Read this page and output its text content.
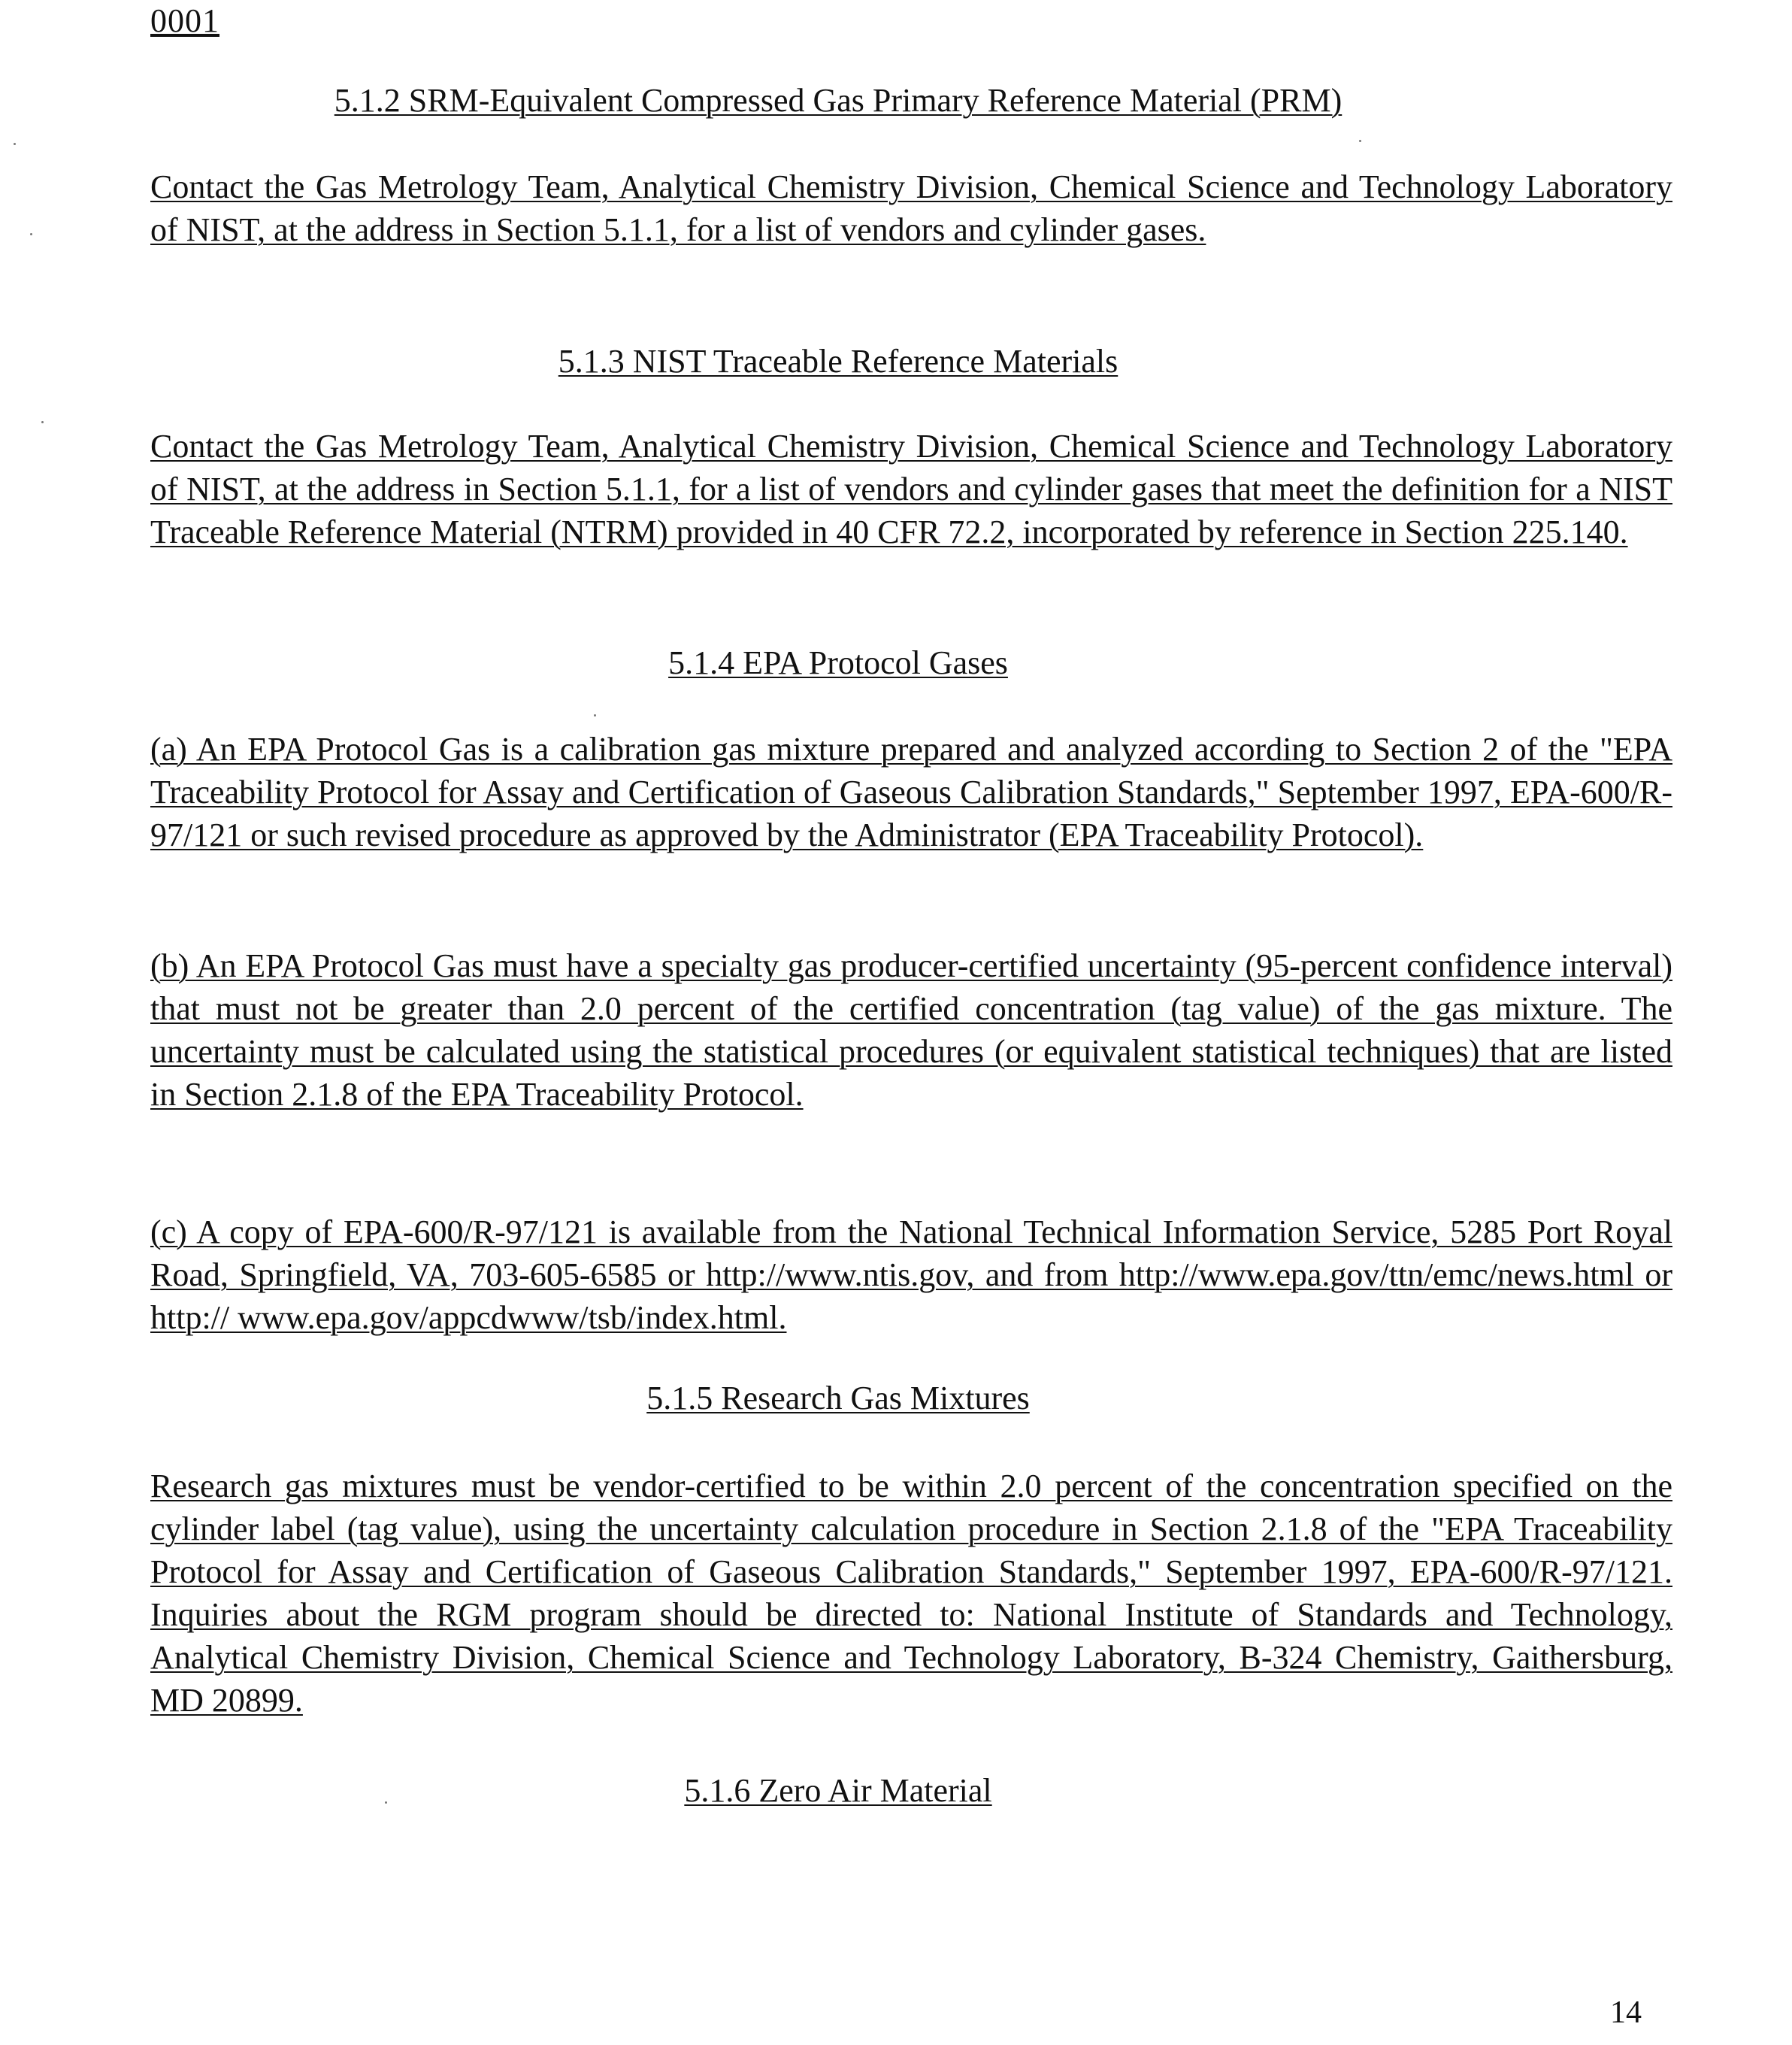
0001
5.1.2 SRM-Equivalent Compressed Gas Primary Reference Material (PRM)

Contact the Gas Metrology Team, Analytical Chemistry Division, Chemical Science and Technology Laboratory of NIST, at the address in Section 5.1.1, for a list of vendors and cylinder gases.

5.1.3 NIST Traceable Reference Materials

Contact the Gas Metrology Team, Analytical Chemistry Division, Chemical Science and Technology Laboratory of NIST, at the address in Section 5.1.1, for a list of vendors and cylinder gases that meet the definition for a NIST Traceable Reference Material (NTRM) provided in 40 CFR 72.2, incorporated by reference in Section 225.140.

5.1.4 EPA Protocol Gases

(a) An EPA Protocol Gas is a calibration gas mixture prepared and analyzed according to Section 2 of the "EPA Traceability Protocol for Assay and Certification of Gaseous Calibration Standards," September 1997, EPA-600/R-97/121 or such revised procedure as approved by the Administrator (EPA Traceability Protocol).

(b) An EPA Protocol Gas must have a specialty gas producer-certified uncertainty (95-percent confidence interval) that must not be greater than 2.0 percent of the certified concentration (tag value) of the gas mixture. The uncertainty must be calculated using the statistical procedures (or equivalent statistical techniques) that are listed in Section 2.1.8 of the EPA Traceability Protocol.

(c) A copy of EPA-600/R-97/121 is available from the National Technical Information Service, 5285 Port Royal Road, Springfield, VA, 703-605-6585 or http://www.ntis.gov, and from http://www.epa.gov/ttn/emc/news.html or http:// www.epa.gov/appcdwww/tsb/index.html.

5.1.5 Research Gas Mixtures

Research gas mixtures must be vendor-certified to be within 2.0 percent of the concentration specified on the cylinder label (tag value), using the uncertainty calculation procedure in Section 2.1.8 of the "EPA Traceability Protocol for Assay and Certification of Gaseous Calibration Standards," September 1997, EPA-600/R-97/121. Inquiries about the RGM program should be directed to: National Institute of Standards and Technology, Analytical Chemistry Division, Chemical Science and Technology Laboratory, B-324 Chemistry, Gaithersburg, MD 20899.

5.1.6 Zero Air Material
14
